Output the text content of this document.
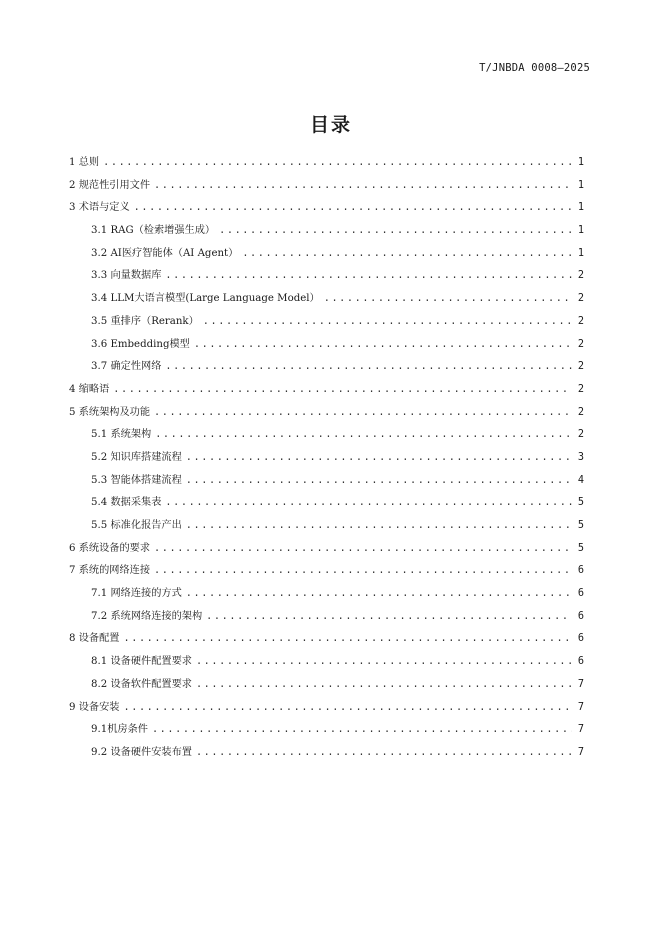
T/JNBDA 0008—2025
目录
1 总则 .....	1
2 规范性引用文件 .....	1
3 术语与定义 .....	1
3.1 RAG（检索增强生成） .....	1
3.2 AI医疗智能体（AI Agent） .....	1
3.3 向量数据库 .....	2
3.4 LLM大语言模型(Large Language Model） .....	2
3.5 重排序（Rerank） .....	2
3.6 Embedding模型 .....	2
3.7 确定性网络 .....	2
4 缩略语 .....	2
5 系统架构及功能 .....	2
5.1 系统架构 .....	2
5.2 知识库搭建流程 .....	3
5.3 智能体搭建流程 .....	4
5.4 数据采集表 .....	5
5.5 标准化报告产出 .....	5
6 系统设备的要求 .....	5
7 系统的网络连接 .....	6
7.1 网络连接的方式 .....	6
7.2 系统网络连接的架构 .....	6
8 设备配置 .....	6
8.1 设备硬件配置要求 .....	6
8.2 设备软件配置要求 .....	7
9 设备安装 .....	7
9.1机房条件 .....	7
9.2 设备硬件安装布置 .....	7
